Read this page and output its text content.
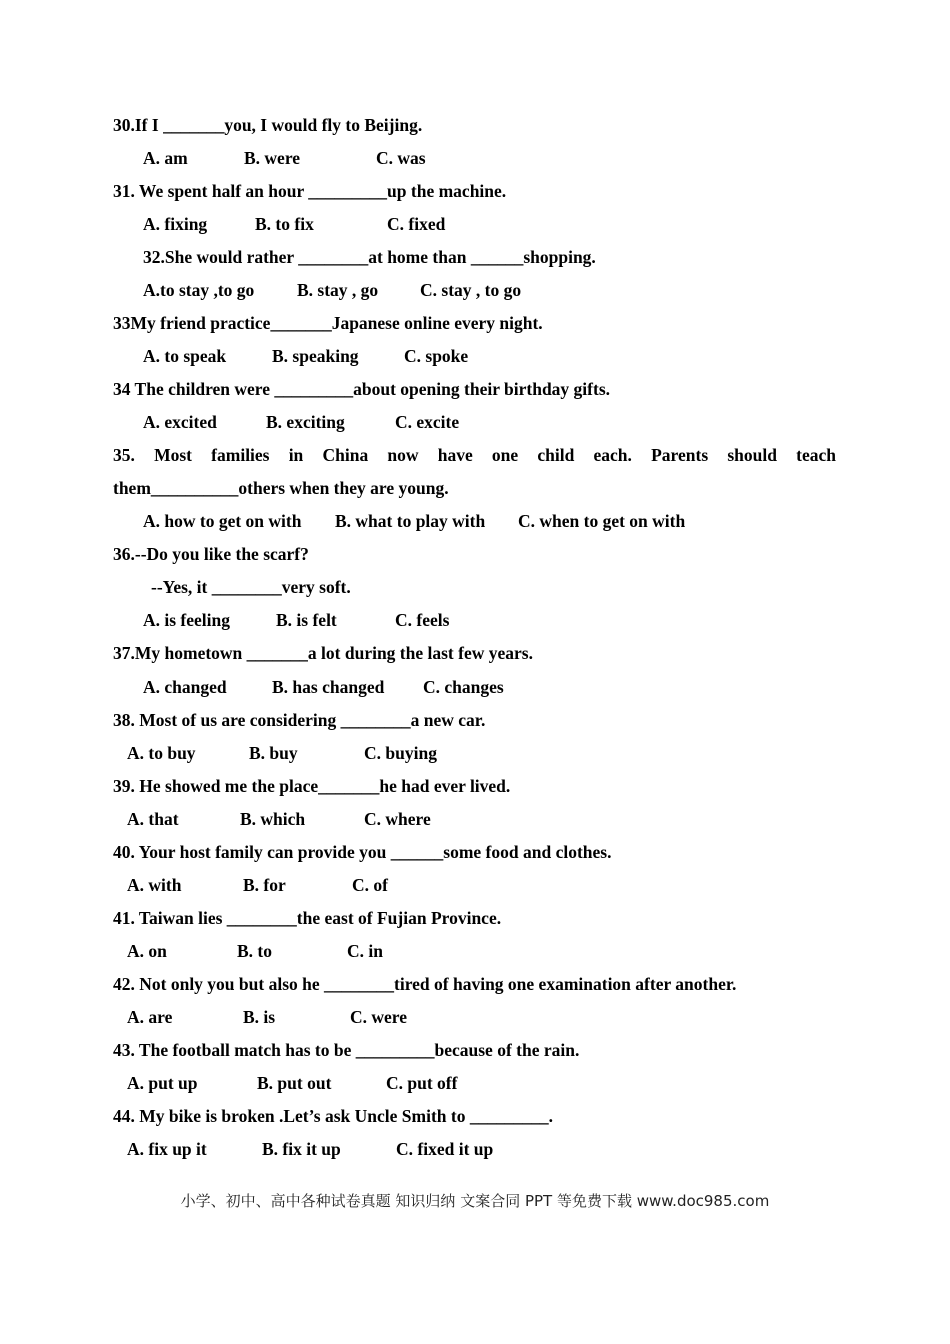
30.If I _______you, I would fly to Beijing.
A. am	B. were	C. was
31. We spent half an hour _________up the machine.
A. fixing	B. to fix	C. fixed
32.She would rather ________at home than ______shopping.
A.to stay ,to go B. stay , go C. stay , to go
33My friend practice_______Japanese online every night.
A. to speak	B. speaking	C. spoke
34 The children were _________about opening their birthday gifts.
A. excited	B. exciting	C. excite
35. Most families in China now have one child each. Parents should teach
them__________others when they are young.
A. how to get on with B. what to play with C. when to get on with
36.--Do you like the scarf?
--Yes, it ________very soft.
A. is feeling	B. is felt	C. feels
37.My hometown _______a lot during the last few years.
A. changed	B. has changed C. changes
38. Most of us are considering ________a new car.
A. to buy	B. buy	C. buying
39. He showed me the place_______he had ever lived.
A. that	B. which	C. where
40. Your host family can provide you ______some food and clothes.
A. with	B. for	C. of
41. Taiwan lies ________the east of Fujian Province.
A. on	B. to	C. in
42. Not only you but also he ________tired of having one examination after another.
A. are	B. is	C. were
43. The football match has to be _________because of the rain.
A. put up	B. put out	C. put off
44. My bike is broken .Let’s ask Uncle Smith to _________.
A. fix up it	B. fix it up	C. fixed it up
小学、初中、高中各种试卷真题 知识归纳 文案合同 PPT 等免费下载 www.doc985.com
